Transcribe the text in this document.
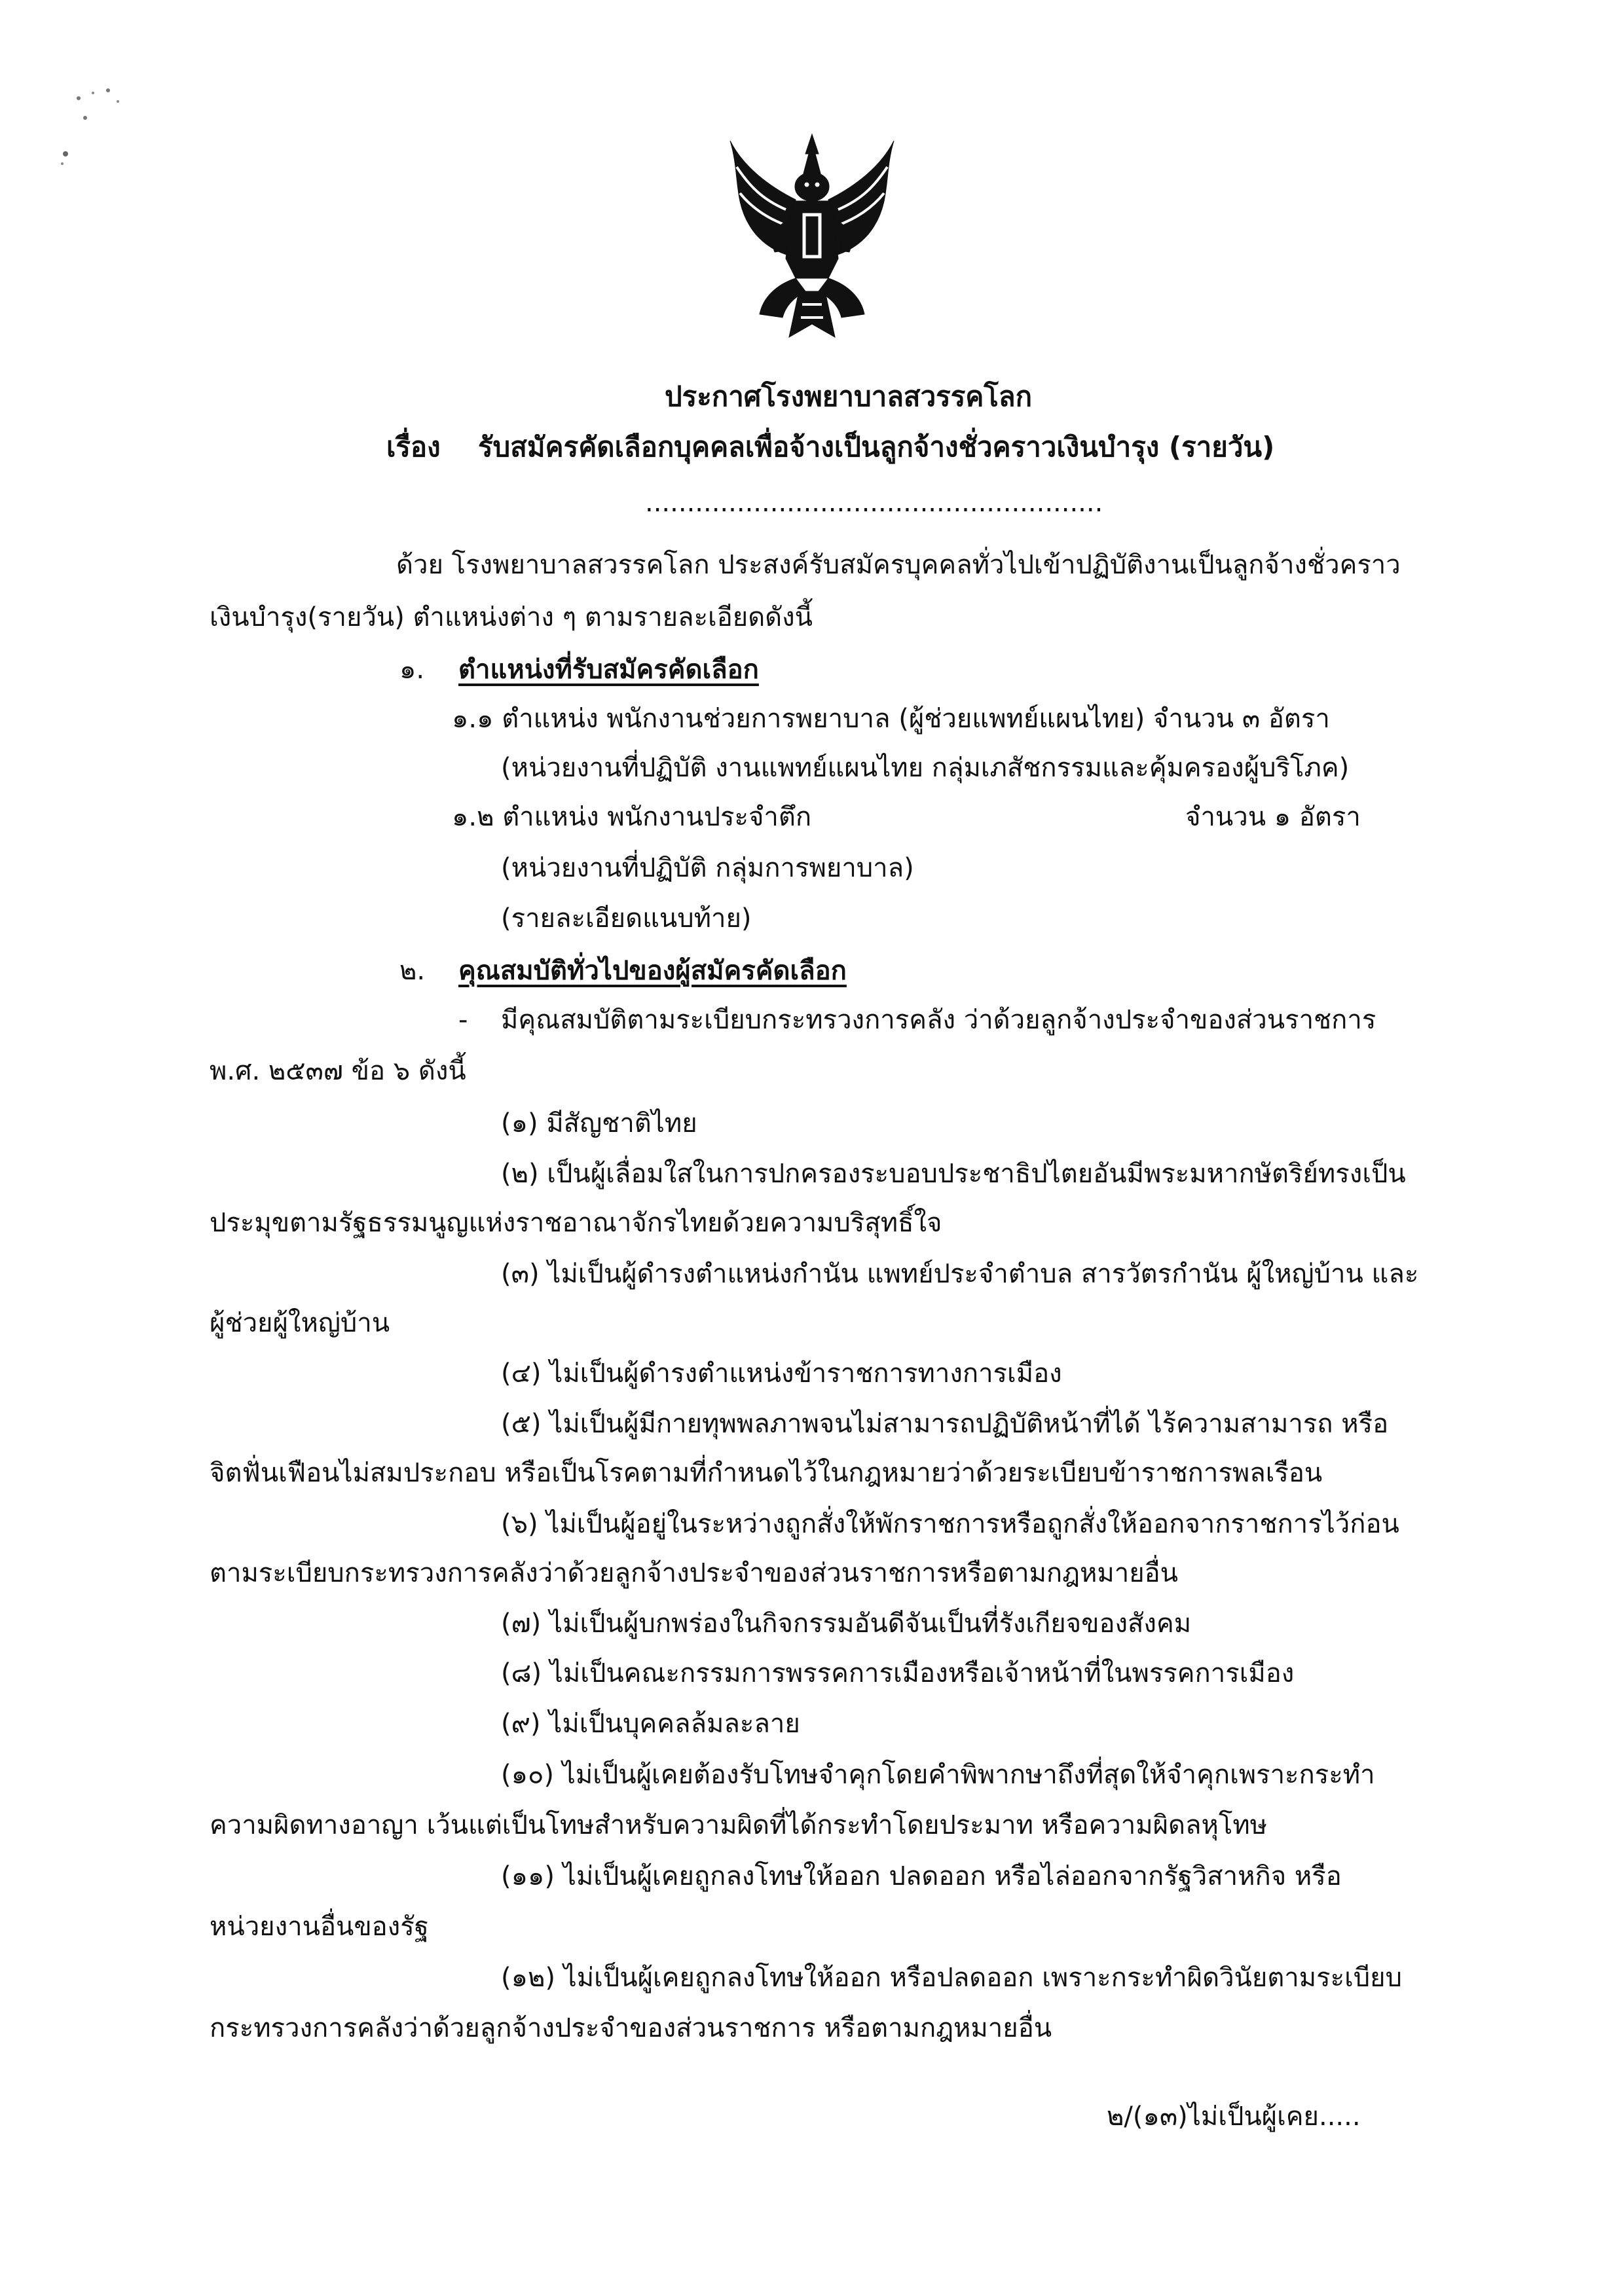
ประกาศโรงพยาบาลสวรรคโลก
เรื่อง รับสมัครคัดเลือกบุคคลเพื่อจ้างเป็นลูกจ้างชั่วคราวเงินบำรุง (รายวัน)
.......................................................
ด้วย โรงพยาบาลสวรรคโลก ประสงค์รับสมัครบุคคลทั่วไปเข้าปฏิบัติงานเป็นลูกจ้างชั่วคราว
เงินบำรุง(รายวัน) ตำแหน่งต่าง ๆ ตามรายละเอียดดังนี้
๑. ตำแหน่งที่รับสมัครคัดเลือก
๑.๑ ตำแหน่ง พนักงานช่วยการพยาบาล (ผู้ช่วยแพทย์แผนไทย) จำนวน ๓ อัตรา
(หน่วยงานที่ปฏิบัติ งานแพทย์แผนไทย กลุ่มเภสัชกรรมและคุ้มครองผู้บริโภค)
๑.๒ ตำแหน่ง พนักงานประจำตึก	จำนวน ๑ อัตรา
(หน่วยงานที่ปฏิบัติ กลุ่มการพยาบาล)
(รายละเอียดแนบท้าย)
๒. คุณสมบัติทั่วไปของผู้สมัครคัดเลือก
- มีคุณสมบัติตามระเบียบกระทรวงการคลัง ว่าด้วยลูกจ้างประจำของส่วนราชการ
พ.ศ. ๒๕๓๗ ข้อ ๖ ดังนี้
(๑) มีสัญชาติไทย
(๒) เป็นผู้เลื่อมใสในการปกครองระบอบประชาธิปไตยอันมีพระมหากษัตริย์ทรงเป็น
ประมุขตามรัฐธรรมนูญแห่งราชอาณาจักรไทยด้วยความบริสุทธิ์ใจ
(๓) ไม่เป็นผู้ดำรงตำแหน่งกำนัน แพทย์ประจำตำบล สารวัตรกำนัน ผู้ใหญ่บ้าน และ
ผู้ช่วยผู้ใหญ่บ้าน
(๔) ไม่เป็นผู้ดำรงตำแหน่งข้าราชการทางการเมือง
(๕) ไม่เป็นผู้มีกายทุพพลภาพจนไม่สามารถปฏิบัติหน้าที่ได้ ไร้ความสามารถ หรือ
จิตฟั่นเฟือนไม่สมประกอบ หรือเป็นโรคตามที่กำหนดไว้ในกฎหมายว่าด้วยระเบียบข้าราชการพลเรือน
(๖) ไม่เป็นผู้อยู่ในระหว่างถูกสั่งให้พักราชการหรือถูกสั่งให้ออกจากราชการไว้ก่อน
ตามระเบียบกระทรวงการคลังว่าด้วยลูกจ้างประจำของส่วนราชการหรือตามกฎหมายอื่น
(๗) ไม่เป็นผู้บกพร่องในกิจกรรมอันดีจันเป็นที่รังเกียจของสังคม
(๘) ไม่เป็นคณะกรรมการพรรคการเมืองหรือเจ้าหน้าที่ในพรรคการเมือง
(๙) ไม่เป็นบุคคลล้มละลาย
(๑๐) ไม่เป็นผู้เคยต้องรับโทษจำคุกโดยคำพิพากษาถึงที่สุดให้จำคุกเพราะกระทำ
ความผิดทางอาญา เว้นแต่เป็นโทษสำหรับความผิดที่ได้กระทำโดยประมาท หรือความผิดลหุโทษ
(๑๑) ไม่เป็นผู้เคยถูกลงโทษให้ออก ปลดออก หรือไล่ออกจากรัฐวิสาหกิจ หรือ
หน่วยงานอื่นของรัฐ
(๑๒) ไม่เป็นผู้เคยถูกลงโทษให้ออก หรือปลดออก เพราะกระทำผิดวินัยตามระเบียบ
กระทรวงการคลังว่าด้วยลูกจ้างประจำของส่วนราชการ หรือตามกฎหมายอื่น
๒/(๑๓)ไม่เป็นผู้เคย.....
